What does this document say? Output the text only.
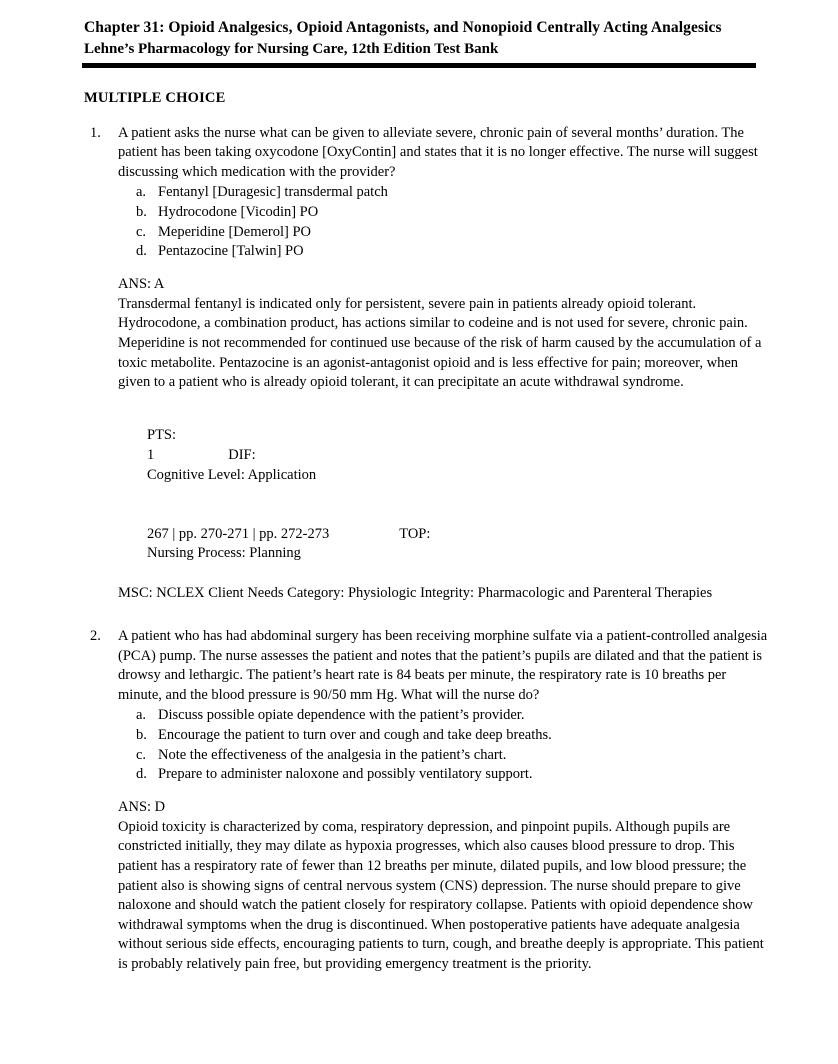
Chapter 31: Opioid Analgesics, Opioid Antagonists, and Nonopioid Centrally Acting Analgesics
Lehne’s Pharmacology for Nursing Care, 12th Edition Test Bank
MULTIPLE CHOICE
1. A patient asks the nurse what can be given to alleviate severe, chronic pain of several months’ duration. The patient has been taking oxycodone [OxyContin] and states that it is no longer effective. The nurse will suggest discussing which medication with the provider?
a. Fentanyl [Duragesic] transdermal patch
b. Hydrocodone [Vicodin] PO
c. Meperidine [Demerol] PO
d. Pentazocine [Talwin] PO
ANS: A
Transdermal fentanyl is indicated only for persistent, severe pain in patients already opioid tolerant. Hydrocodone, a combination product, has actions similar to codeine and is not used for severe, chronic pain. Meperidine is not recommended for continued use because of the risk of harm caused by the accumulation of a toxic metabolite. Pentazocine is an agonist-antagonist opioid and is less effective for pain; moreover, when given to a patient who is already opioid tolerant, it can precipitate an acute withdrawal syndrome.

PTS:
1	DIF:
Cognitive Level: Application

267 | pp. 270-271 | pp. 272-273	TOP:
Nursing Process: Planning

MSC: NCLEX Client Needs Category: Physiologic Integrity: Pharmacologic and Parenteral Therapies
2. A patient who has had abdominal surgery has been receiving morphine sulfate via a patient-controlled analgesia (PCA) pump. The nurse assesses the patient and notes that the patient’s pupils are dilated and that the patient is drowsy and lethargic. The patient’s heart rate is 84 beats per minute, the respiratory rate is 10 breaths per minute, and the blood pressure is 90/50 mm Hg. What will the nurse do?
a. Discuss possible opiate dependence with the patient’s provider.
b. Encourage the patient to turn over and cough and take deep breaths.
c. Note the effectiveness of the analgesia in the patient’s chart.
d. Prepare to administer naloxone and possibly ventilatory support.
ANS: D
Opioid toxicity is characterized by coma, respiratory depression, and pinpoint pupils. Although pupils are constricted initially, they may dilate as hypoxia progresses, which also causes blood pressure to drop. This patient has a respiratory rate of fewer than 12 breaths per minute, dilated pupils, and low blood pressure; the patient also is showing signs of central nervous system (CNS) depression. The nurse should prepare to give naloxone and should watch the patient closely for respiratory collapse. Patients with opioid dependence show withdrawal symptoms when the drug is discontinued. When postoperative patients have adequate analgesia without serious side effects, encouraging patients to turn, cough, and breathe deeply is appropriate. This patient is probably relatively pain free, but providing emergency treatment is the priority.
